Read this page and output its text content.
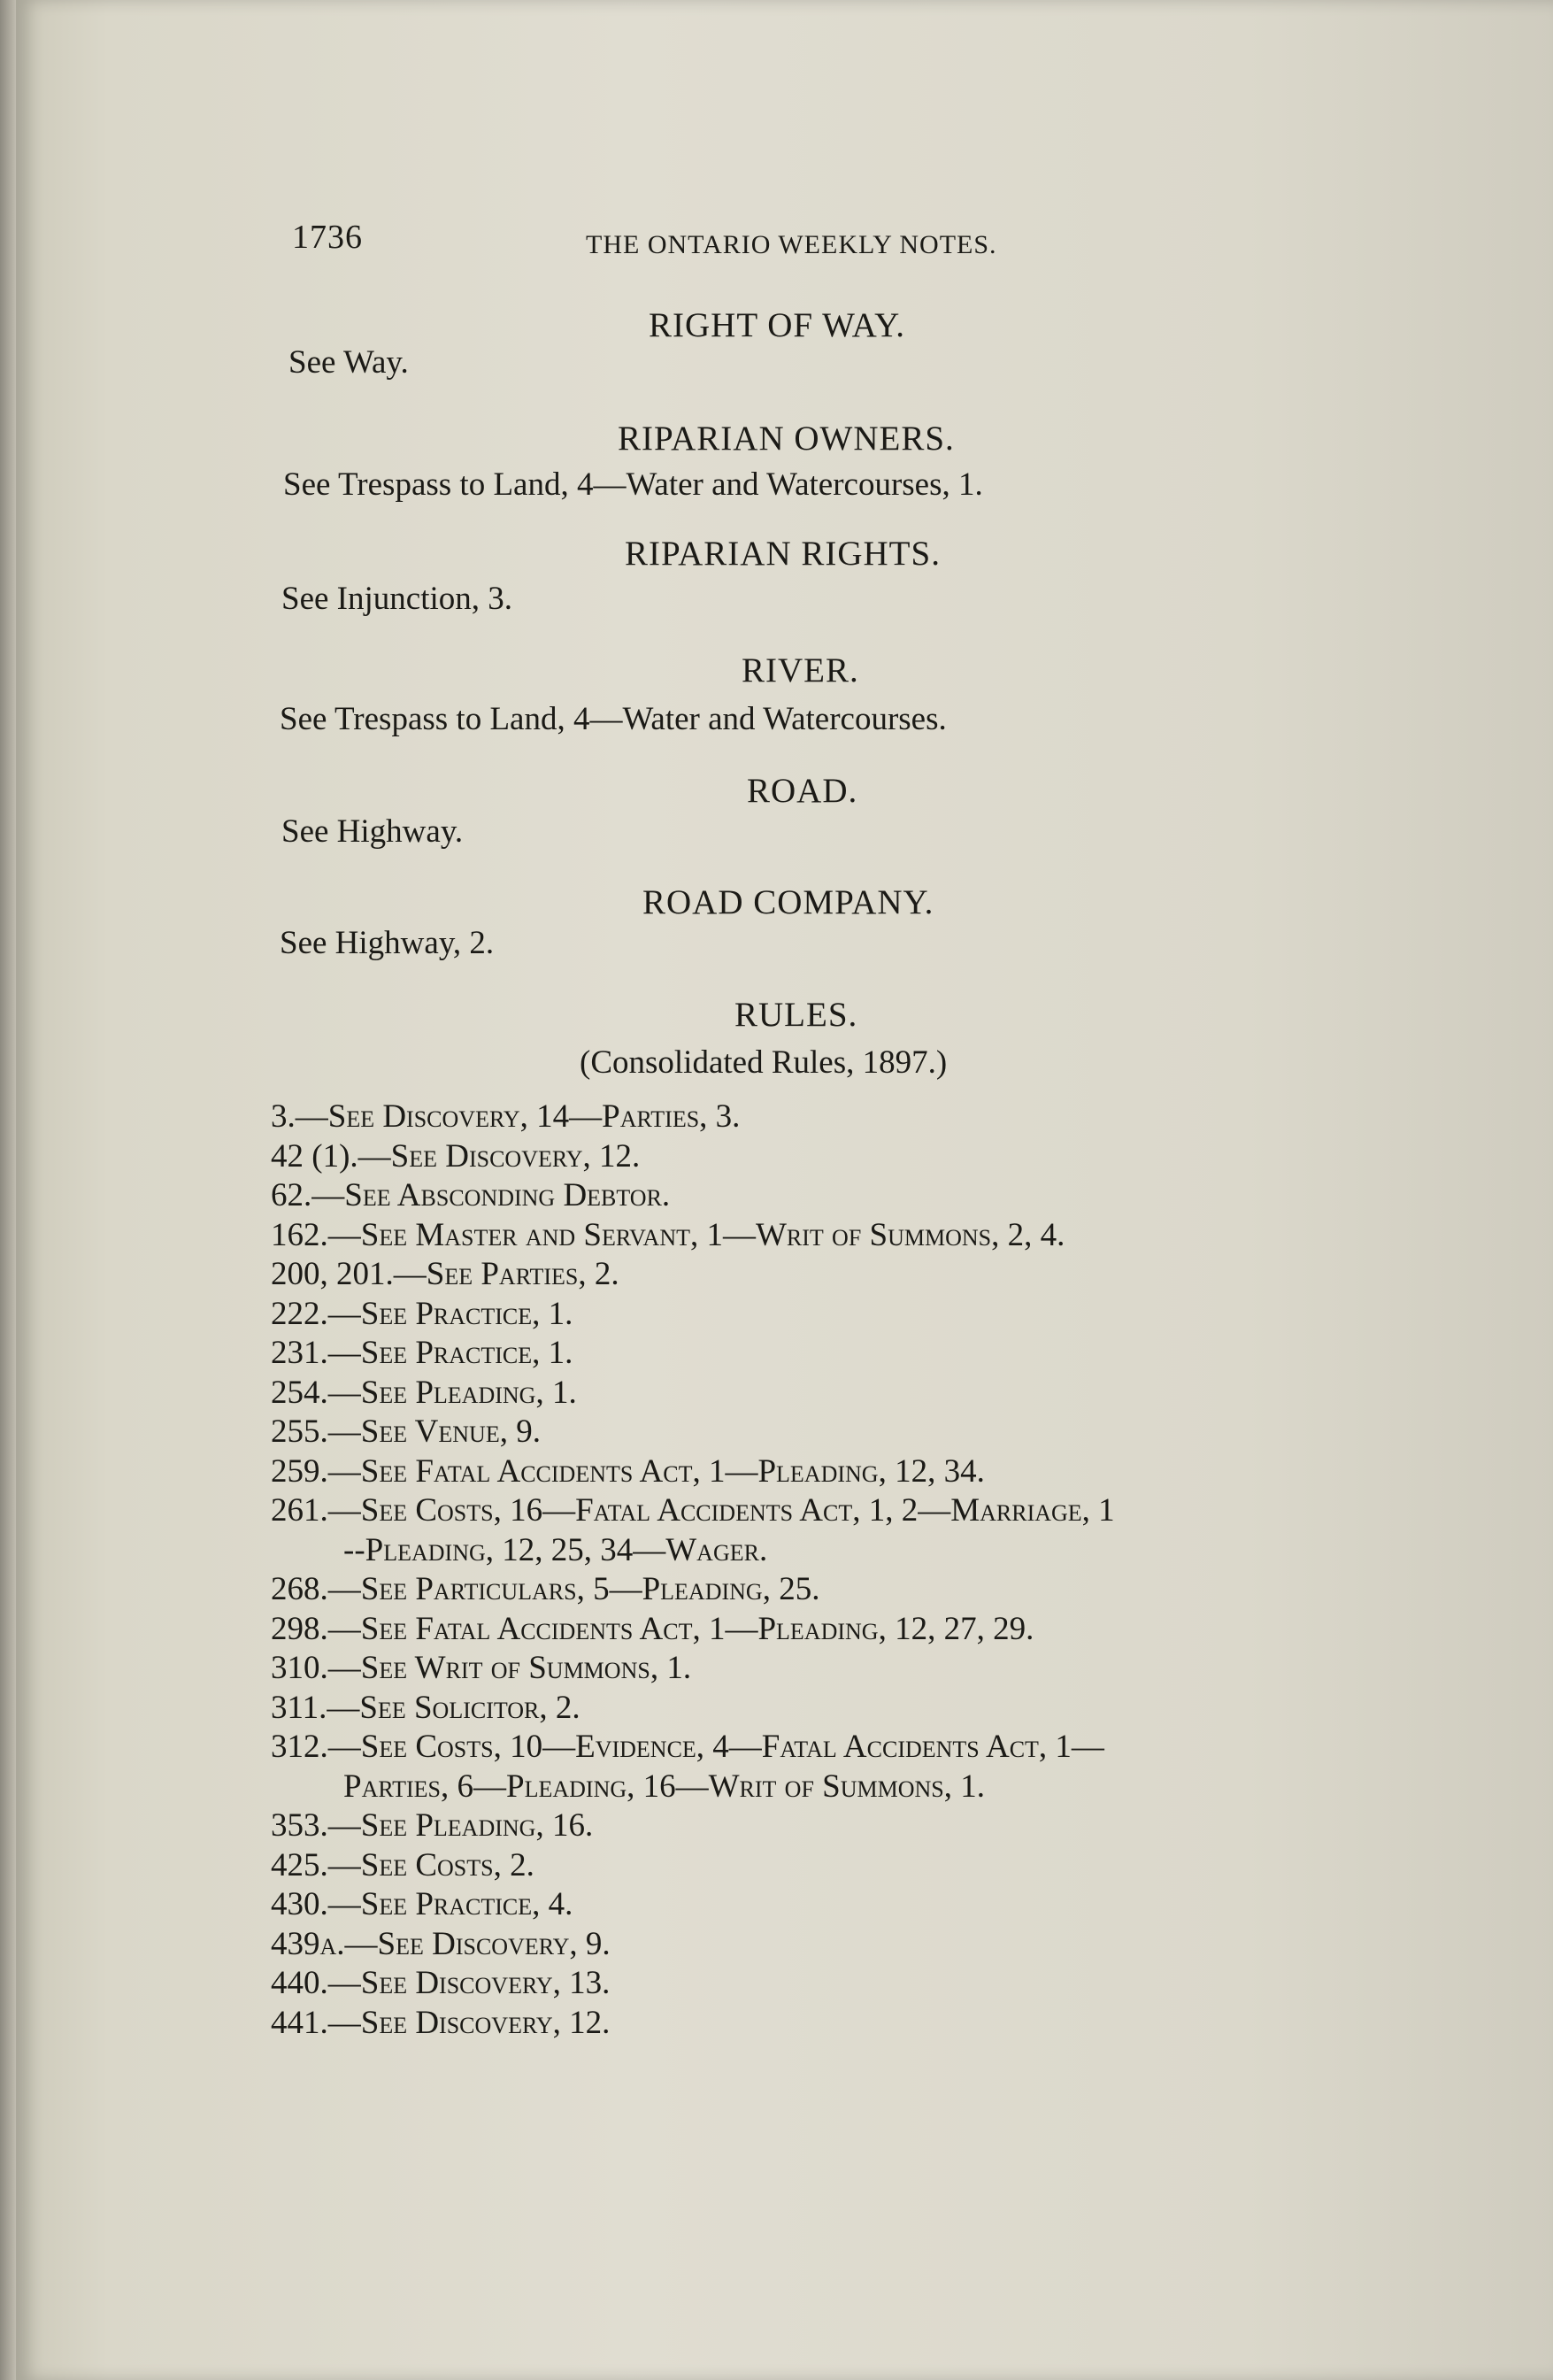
1736	THE ONTARIO WEEKLY NOTES.
RIGHT OF WAY.
See Way.
RIPARIAN OWNERS.
See Trespass to Land, 4—Water and Watercourses, 1.
RIPARIAN RIGHTS.
See Injunction, 3.
RIVER.
See Trespass to Land, 4—Water and Watercourses.
ROAD.
See Highway.
ROAD COMPANY.
See Highway, 2.
RULES.
(Consolidated Rules, 1897.)
3.—See Discovery, 14—Parties, 3.
42 (1).—See Discovery, 12.
62.—See Absconding Debtor.
162.—See Master and Servant, 1—Writ of Summons, 2, 4.
200, 201.—See Parties, 2.
222.—See Practice, 1.
231.—See Practice, 1.
254.—See Pleading, 1.
255.—See Venue, 9.
259.—See Fatal Accidents Act, 1—Pleading, 12, 34.
261.—See Costs, 16—Fatal Accidents Act, 1, 2—Marriage, 1
--Pleading, 12, 25, 34—Wager.
268.—See Particulars, 5—Pleading, 25.
298.—See Fatal Accidents Act, 1—Pleading, 12, 27, 29.
310.—See Writ of Summons, 1.
311.—See Solicitor, 2.
312.—See Costs, 10—Evidence, 4—Fatal Accidents Act, 1—
Parties, 6—Pleading, 16—Writ of Summons, 1.
353.—See Pleading, 16.
425.—See Costs, 2.
430.—See Practice, 4.
439a.—See Discovery, 9.
440.—See Discovery, 13.
441.—See Discovery, 12.
